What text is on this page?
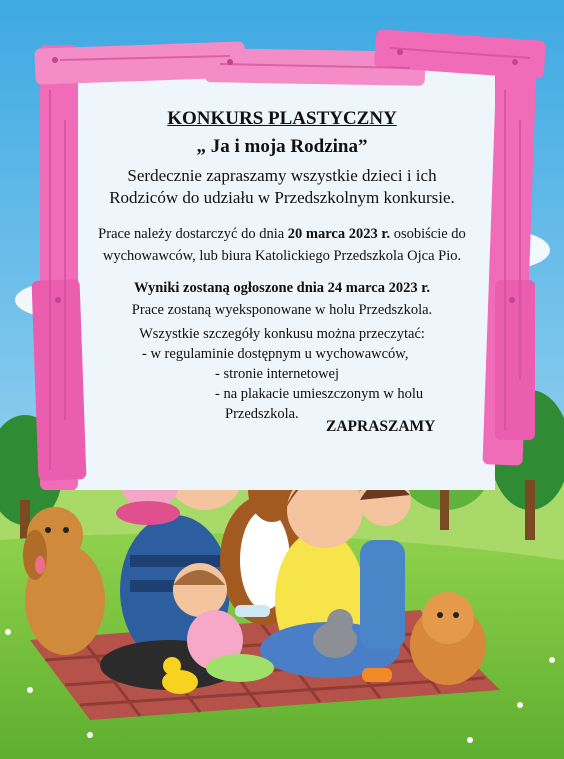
KONKURS PLASTYCZNY
„ Ja i moja Rodzina”
Serdecznie zapraszamy wszystkie dzieci i ich
Rodziców do udziału w Przedszkolnym konkursie.
Prace należy dostarczyć do dnia 20 marca 2023 r. osobiście do
wychowawców, lub biura Katolickiego Przedszkola Ojca Pio.
Wyniki zostaną ogłoszone dnia 24 marca 2023 r.
Prace zostaną wyeksponowane w holu Przedszkola.
Wszystkie szczegóły konkusu można przeczytać:
- w regulaminie dostępnym u wychowawców,
- stronie internetowej
- na plakacie umieszczonym w holu
Przedszkola.
ZAPRASZAMY
